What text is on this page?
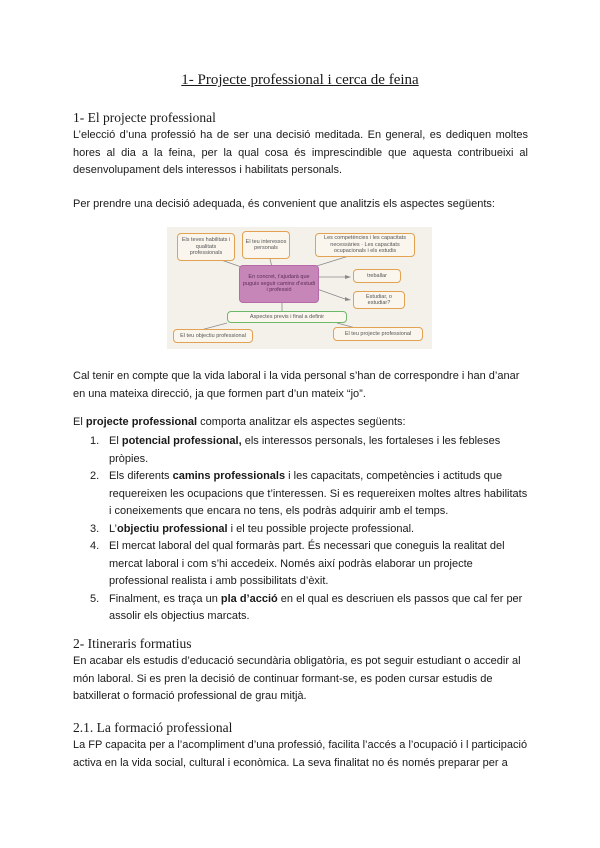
1- Projecte professional i cerca de feina
1- El projecte professional
L’elecció d’una professió ha de ser una decisió meditada. En general, es dediquen moltes hores al dia a la feina, per la qual cosa és imprescindible que aquesta contribueixi al desenvolupament dels interessos i habilitats personals.
Per prendre una decisió adequada, és convenient que analitzis els aspectes següents:
Els teves habilitats i qualitats professionals
El teu interessos personals
Les competències i les capacitats necessàries · Les capacitats ocupacionals i els estudis
En concret, t’ajudarà que puguis seguir camins d’estudi i professió
treballar
Estudiar, o estudiar?
Aspectes previs i final a definir
El teu objectiu professional	El teu projecte professional
Cal tenir en compte que la vida laboral i la vida personal s’han de correspondre i han d’anar en una mateixa direcció, ja que formen part d’un mateix “jo”.
El projecte professional comporta analitzar els aspectes següents:
1. El potencial professional, els interessos personals, les fortaleses i les febleses pròpies.
2. Els diferents camins professionals i les capacitats, competències i actituds que requereixen les ocupacions que t’interessen. Si es requereixen moltes altres habilitats i coneixements que encara no tens, els podràs adquirir amb el temps.
3. L’objectiu professional i el teu possible projecte professional.
4. El mercat laboral del qual formaràs part. És necessari que coneguis la realitat del mercat laboral i com s’hi accedeix. Només així podràs elaborar un projecte professional realista i amb possibilitats d’èxit.
5. Finalment, es traça un pla d’acció en el qual es descriuen els passos que cal fer per assolir els objectius marcats.
2- Itineraris formatius
En acabar els estudis d’educació secundària obligatòria, es pot seguir estudiant o accedir al món laboral. Si es pren la decisió de continuar formant-se, es poden cursar estudis de batxillerat o formació professional de grau mitjà.
2.1. La formació professional
La FP capacita per a l’acompliment d’una professió, facilita l’accés a l’ocupació i l participació activa en la vida social, cultural i econòmica. La seva finalitat no és només preparar per a
